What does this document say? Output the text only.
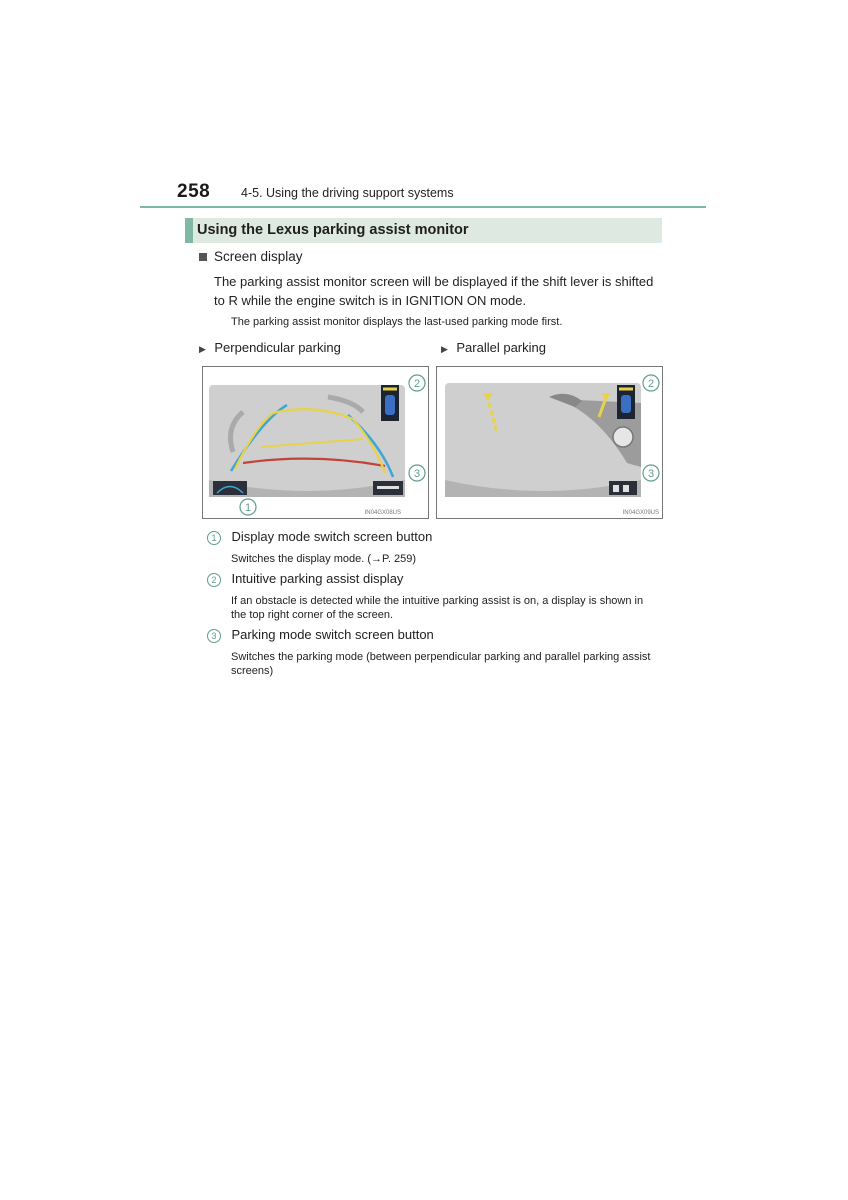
258 4-5. Using the driving support systems
Using the Lexus parking assist monitor
Screen display
The parking assist monitor screen will be displayed if the shift lever is shifted to R while the engine switch is in IGNITION ON mode.
The parking assist monitor displays the last-used parking mode first.
▶ Perpendicular parking	▶ Parallel parking
2
3
1	IN04GX08US
2
3
IN04GX09US
1 Display mode switch screen button
Switches the display mode. (→P. 259)
2 Intuitive parking assist display
If an obstacle is detected while the intuitive parking assist is on, a display is shown in the top right corner of the screen.
3 Parking mode switch screen button
Switches the parking mode (between perpendicular parking and parallel parking assist screens)
